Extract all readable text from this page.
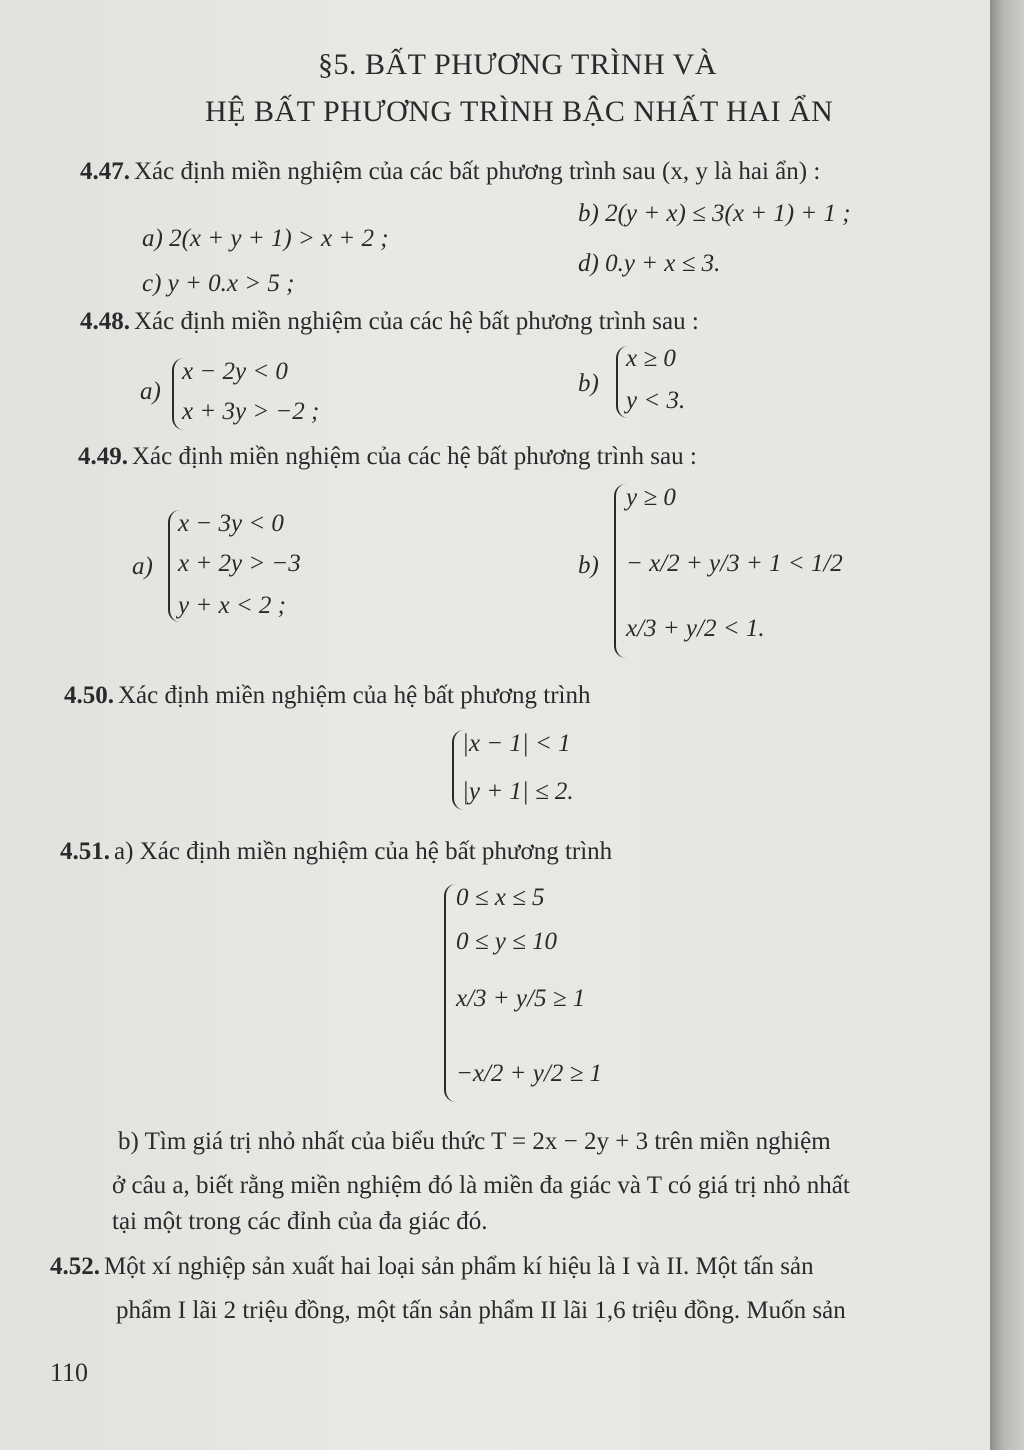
§5. BẤT PHƯƠNG TRÌNH VÀ
HỆ BẤT PHƯƠNG TRÌNH BẬC NHẤT HAI ẨN
4.47. Xác định miền nghiệm của các bất phương trình sau (x, y là hai ẩn) :
a) 2(x + y + 1) > x + 2 ;
b) 2(y + x) ≤ 3(x + 1) + 1 ;
c) y + 0.x > 5 ;
d) 0.y + x ≤ 3.
4.48. Xác định miền nghiệm của các hệ bất phương trình sau :
a)
x − 2y < 0
x + 3y > −2 ;
b)
x ≥ 0
y < 3.
4.49. Xác định miền nghiệm của các hệ bất phương trình sau :
a)
x − 3y < 0
x + 2y > −3
y + x < 2 ;
b)
y ≥ 0
− x/2 + y/3 + 1 < 1/2
x/3 + y/2 < 1.
4.50. Xác định miền nghiệm của hệ bất phương trình
|x − 1| < 1
|y + 1| ≤ 2.
4.51. a) Xác định miền nghiệm của hệ bất phương trình
0 ≤ x ≤ 5
0 ≤ y ≤ 10
x/3 + y/5 ≥ 1
−x/2 + y/2 ≥ 1
b) Tìm giá trị nhỏ nhất của biểu thức T = 2x − 2y + 3 trên miền nghiệm
ở câu a, biết rằng miền nghiệm đó là miền đa giác và T có giá trị nhỏ nhất
tại một trong các đỉnh của đa giác đó.
4.52. Một xí nghiệp sản xuất hai loại sản phẩm kí hiệu là I và II. Một tấn sản
phẩm I lãi 2 triệu đồng, một tấn sản phẩm II lãi 1,6 triệu đồng. Muốn sản
110
